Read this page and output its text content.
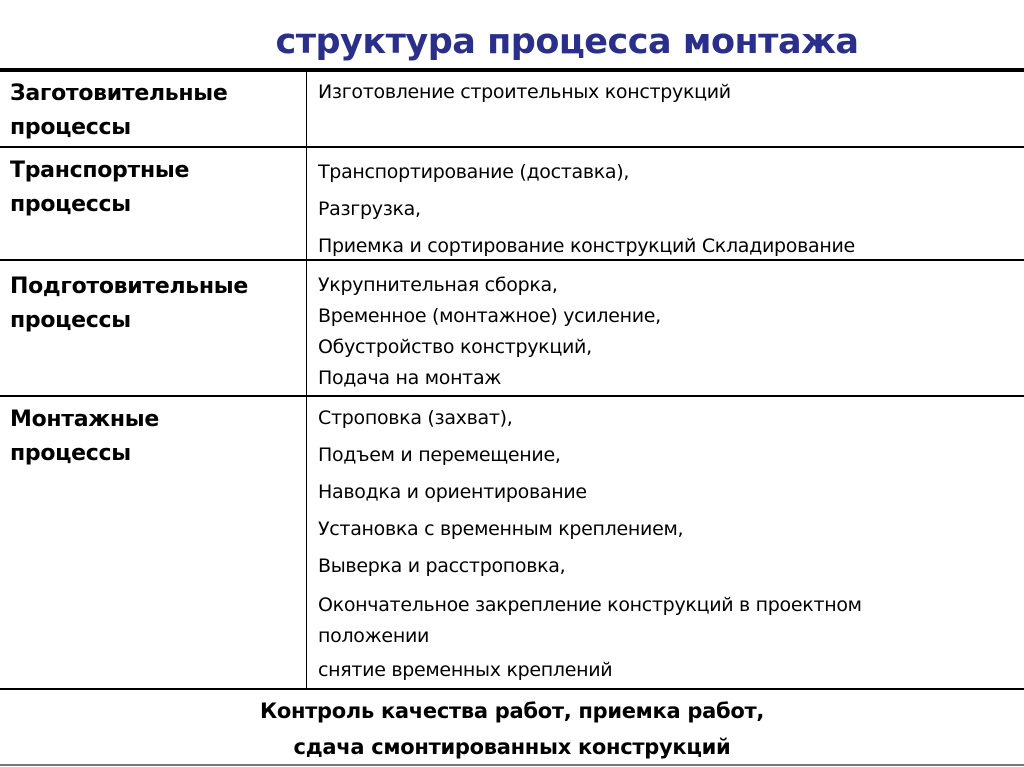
структура процесса монтажа
Заготовительные
процессы
Изготовление строительных конструкций
Транспортные
процессы
Транспортирование (доставка),
Разгрузка,
Приемка и сортирование конструкций Складирование
Подготовительные
процессы
Укрупнительная сборка,
Временное (монтажное) усиление,
Обустройство конструкций,
Подача на монтаж
Монтажные
процессы
Строповка (захват),
Подъем и перемещение,
Наводка и ориентирование
Установка с временным креплением,
Выверка и расстроповка,
Окончательное закрепление конструкций в проектном
положении
снятие временных креплений
Контроль качества работ, приемка работ,
сдача смонтированных конструкций
